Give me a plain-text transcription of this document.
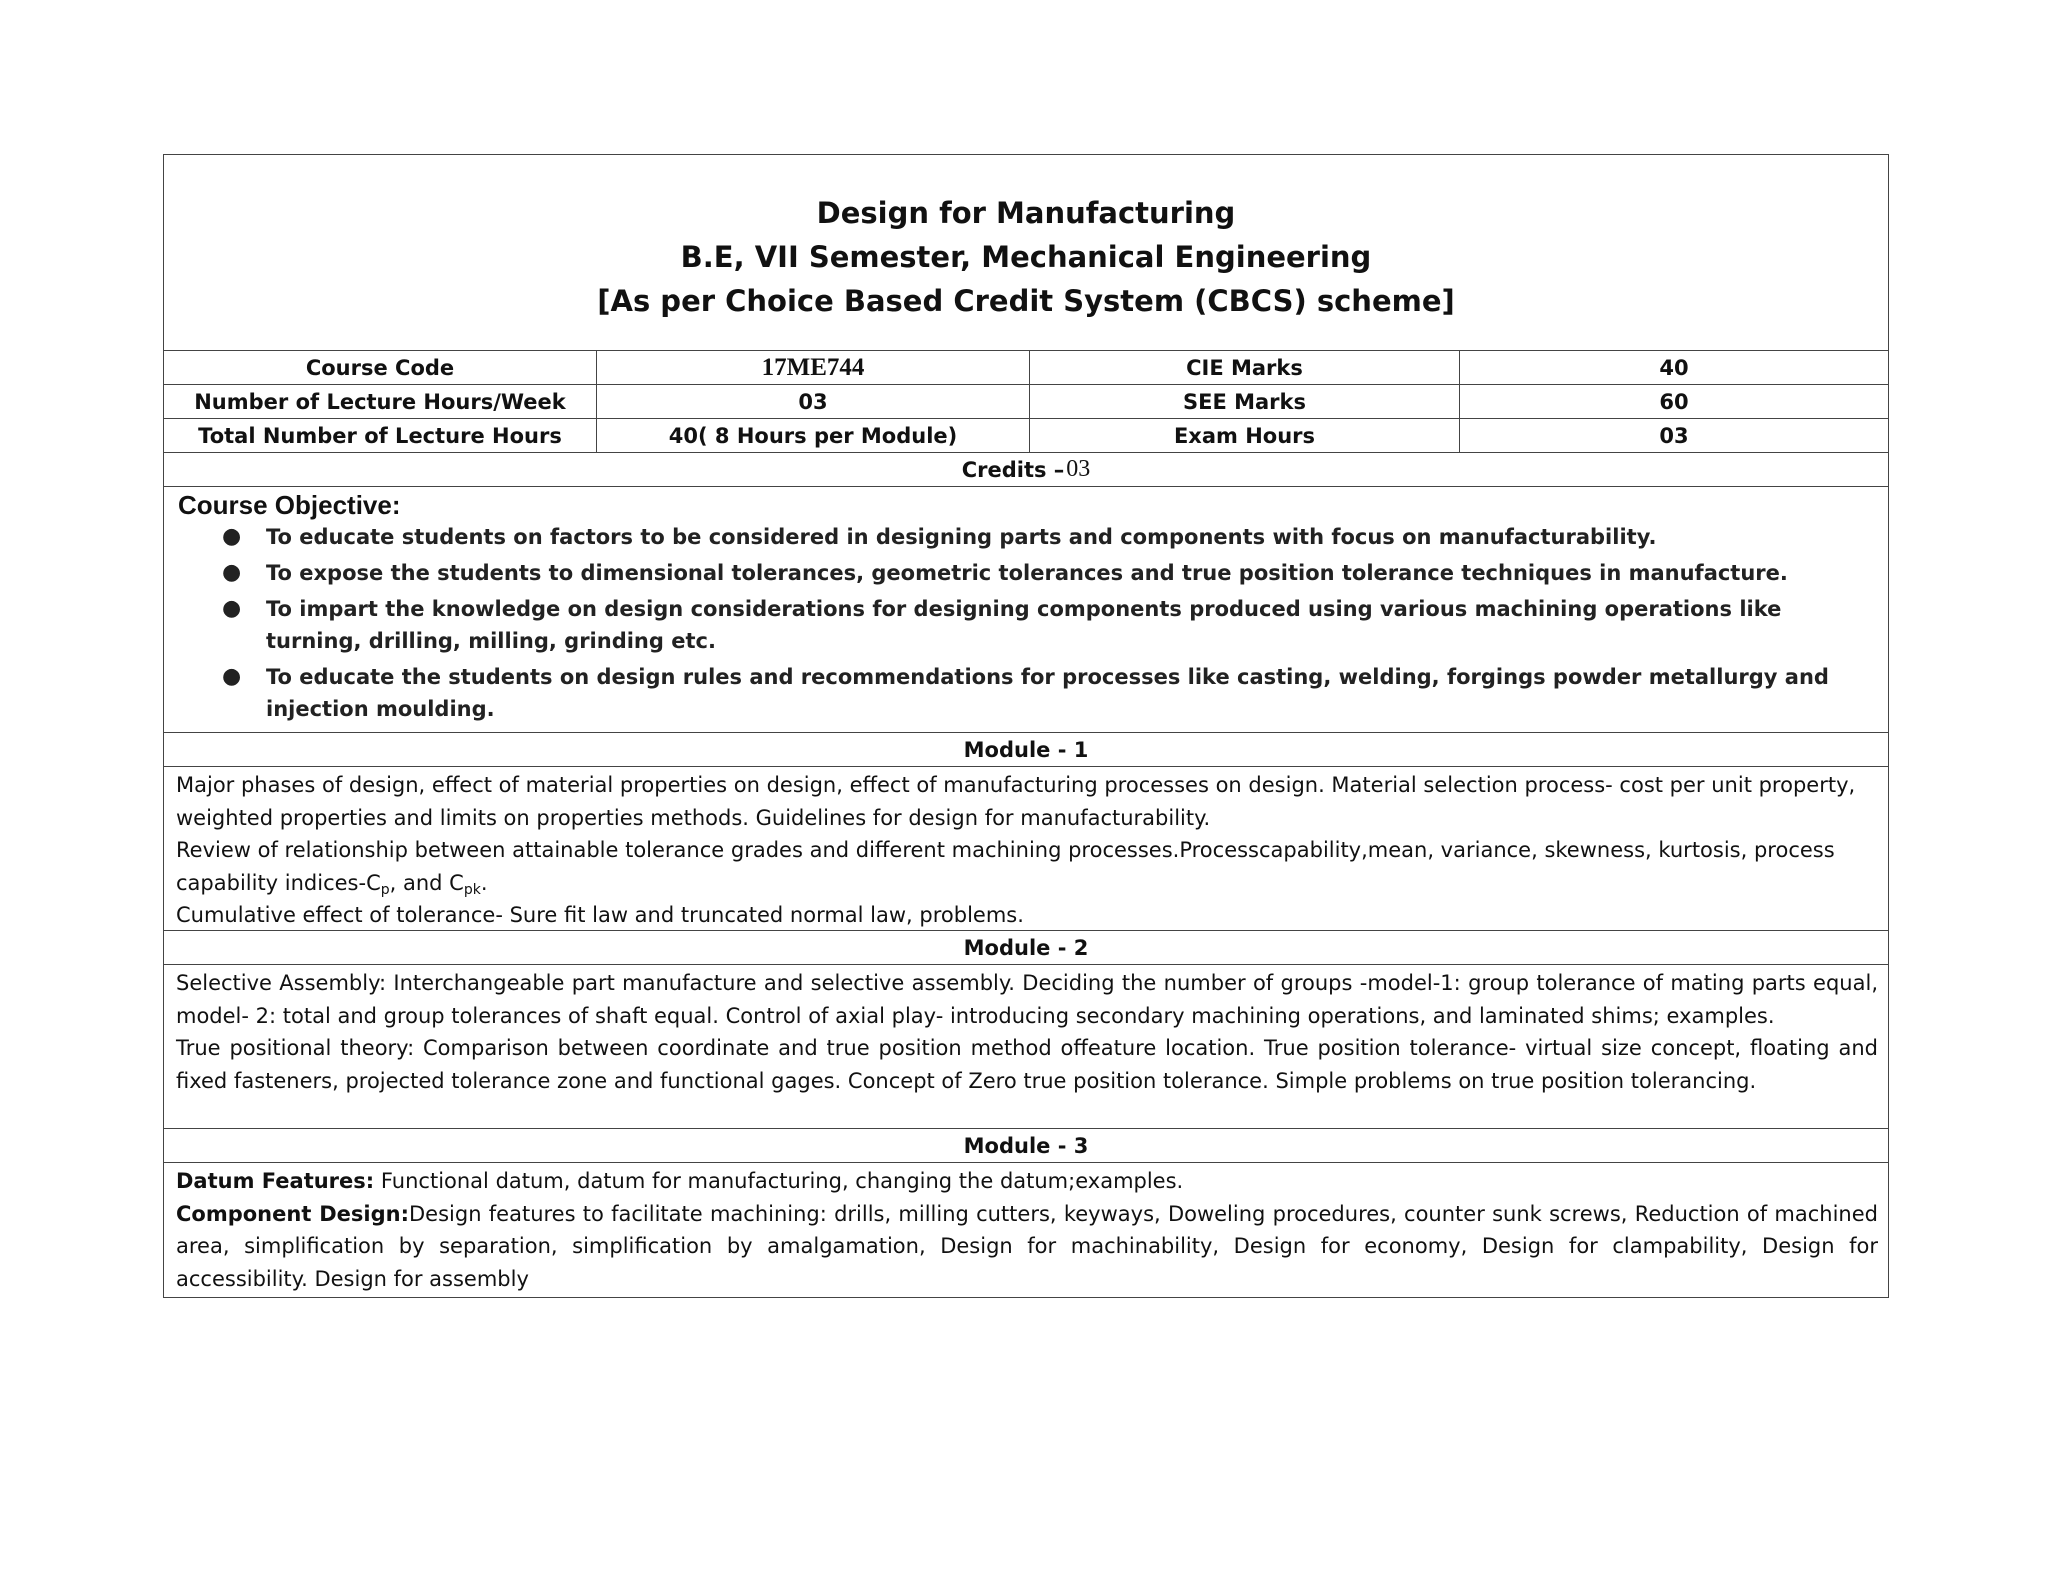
Design for Manufacturing
B.E, VII Semester, Mechanical Engineering
[As per Choice Based Credit System (CBCS) scheme]
Course Code	17ME744	CIE Marks	40
Number of Lecture Hours/Week	03	SEE Marks	60
Total Number of Lecture Hours	40( 8 Hours per Module)	Exam Hours	03
Credits – 03
Course Objective:
● To educate students on factors to be considered in designing parts and components with focus on manufacturability.
● To expose the students to dimensional tolerances, geometric tolerances and true position tolerance techniques in manufacture.
● To impart the knowledge on design considerations for designing components produced using various machining operations like turning, drilling, milling, grinding etc.
● To educate the students on design rules and recommendations for processes like casting, welding, forgings powder metallurgy and injection moulding.
Module - 1

Major phases of design, effect of material properties on design, effect of manufacturing processes on design. Material selection process- cost per unit property, weighted properties and limits on properties methods. Guidelines for design for manufacturability.

Review of relationship between attainable tolerance grades and different machining processes.Processcapability,mean, variance, skewness, kurtosis, process capability indices-$C_p$, and $C_{pk}$.

Cumulative effect of tolerance- Sure fit law and truncated normal law, problems.

Module - 2

Selective Assembly: Interchangeable part manufacture and selective assembly. Deciding the number of groups -model-1: group tolerance of mating parts equal, model- 2: total and group tolerances of shaft equal. Control of axial play- introducing secondary machining operations, and laminated shims; examples.

True positional theory: Comparison between coordinate and true position method offeature location. True position tolerance- virtual size concept, floating and fixed fasteners, projected tolerance zone and functional gages. Concept of Zero true position tolerance. Simple problems on true position tolerancing.

Module - 3

Datum Features: Functional datum, datum for manufacturing, changing the datum;examples.

Component Design:Design features to facilitate machining: drills, milling cutters, keyways, Doweling procedures, counter sunk screws, Reduction of machined area, simplification by separation, simplification by amalgamation, Design for machinability, Design for economy, Design for clampability, Design for accessibility. Design for assembly
